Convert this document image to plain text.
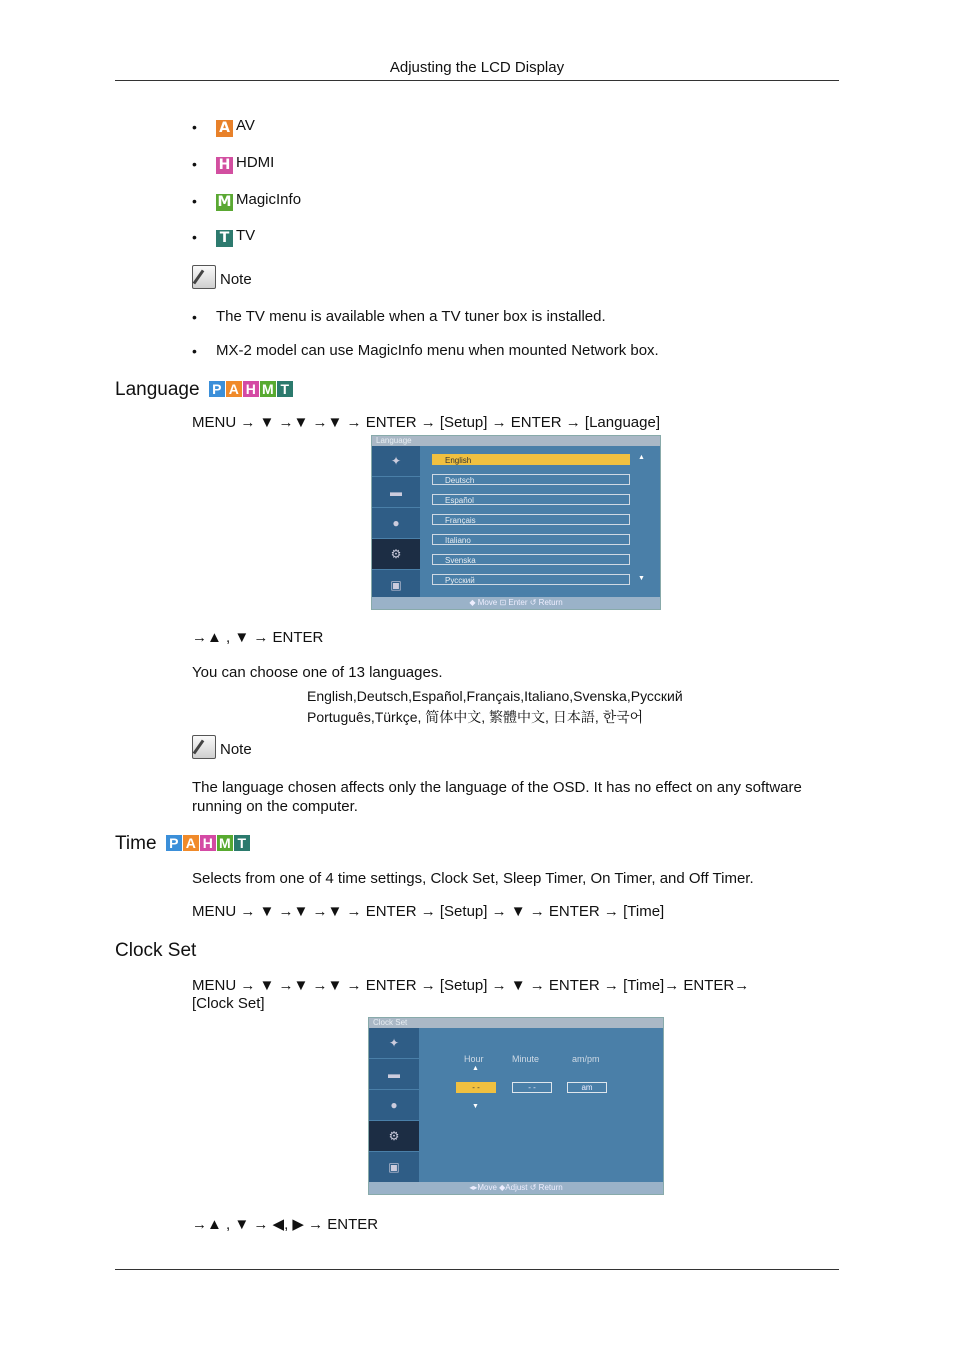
Adjusting the LCD Display
• A AV
• H HDMI
• M MagicInfo
• T TV
Note
• The TV menu is available when a TV tuner box is installed.
• MX-2 model can use MagicInfo menu when mounted Network box.
Language P A H M T
MENU → ▼ →▼ →▼ → ENTER → [Setup] → ENTER → [Language]
Language
✦
▬
●
⚙
▣
English
Deutsch
Español
Français
Italiano
Svenska
Русский
▲
▼
◆ Move ⊡ Enter ↺ Return
→▲ , ▼ → ENTER
You can choose one of 13 languages.
English,Deutsch,Español,Français,Italiano,Svenska,Русский
Português,Türkçe, 简体中文, 繁體中文, 日本語, 한국어
Note
The language chosen affects only the language of the OSD. It has no effect on any software running on the computer.
Time P A H M T
Selects from one of 4 time settings, Clock Set, Sleep Timer, On Timer, and Off Timer.
MENU → ▼ →▼ →▼ → ENTER → [Setup] → ▼ → ENTER → [Time]
Clock Set
MENU → ▼ →▼ →▼ → ENTER → [Setup] → ▼ → ENTER → [Time]→ ENTER→
[Clock Set]
Clock Set
✦
▬
●
⚙
▣
Hour	Minute	am/pm
▲
- -	- -	am
▼
◂▸Move ◆Adjust ↺ Return
→▲ , ▼ → ◀, ▶ → ENTER
